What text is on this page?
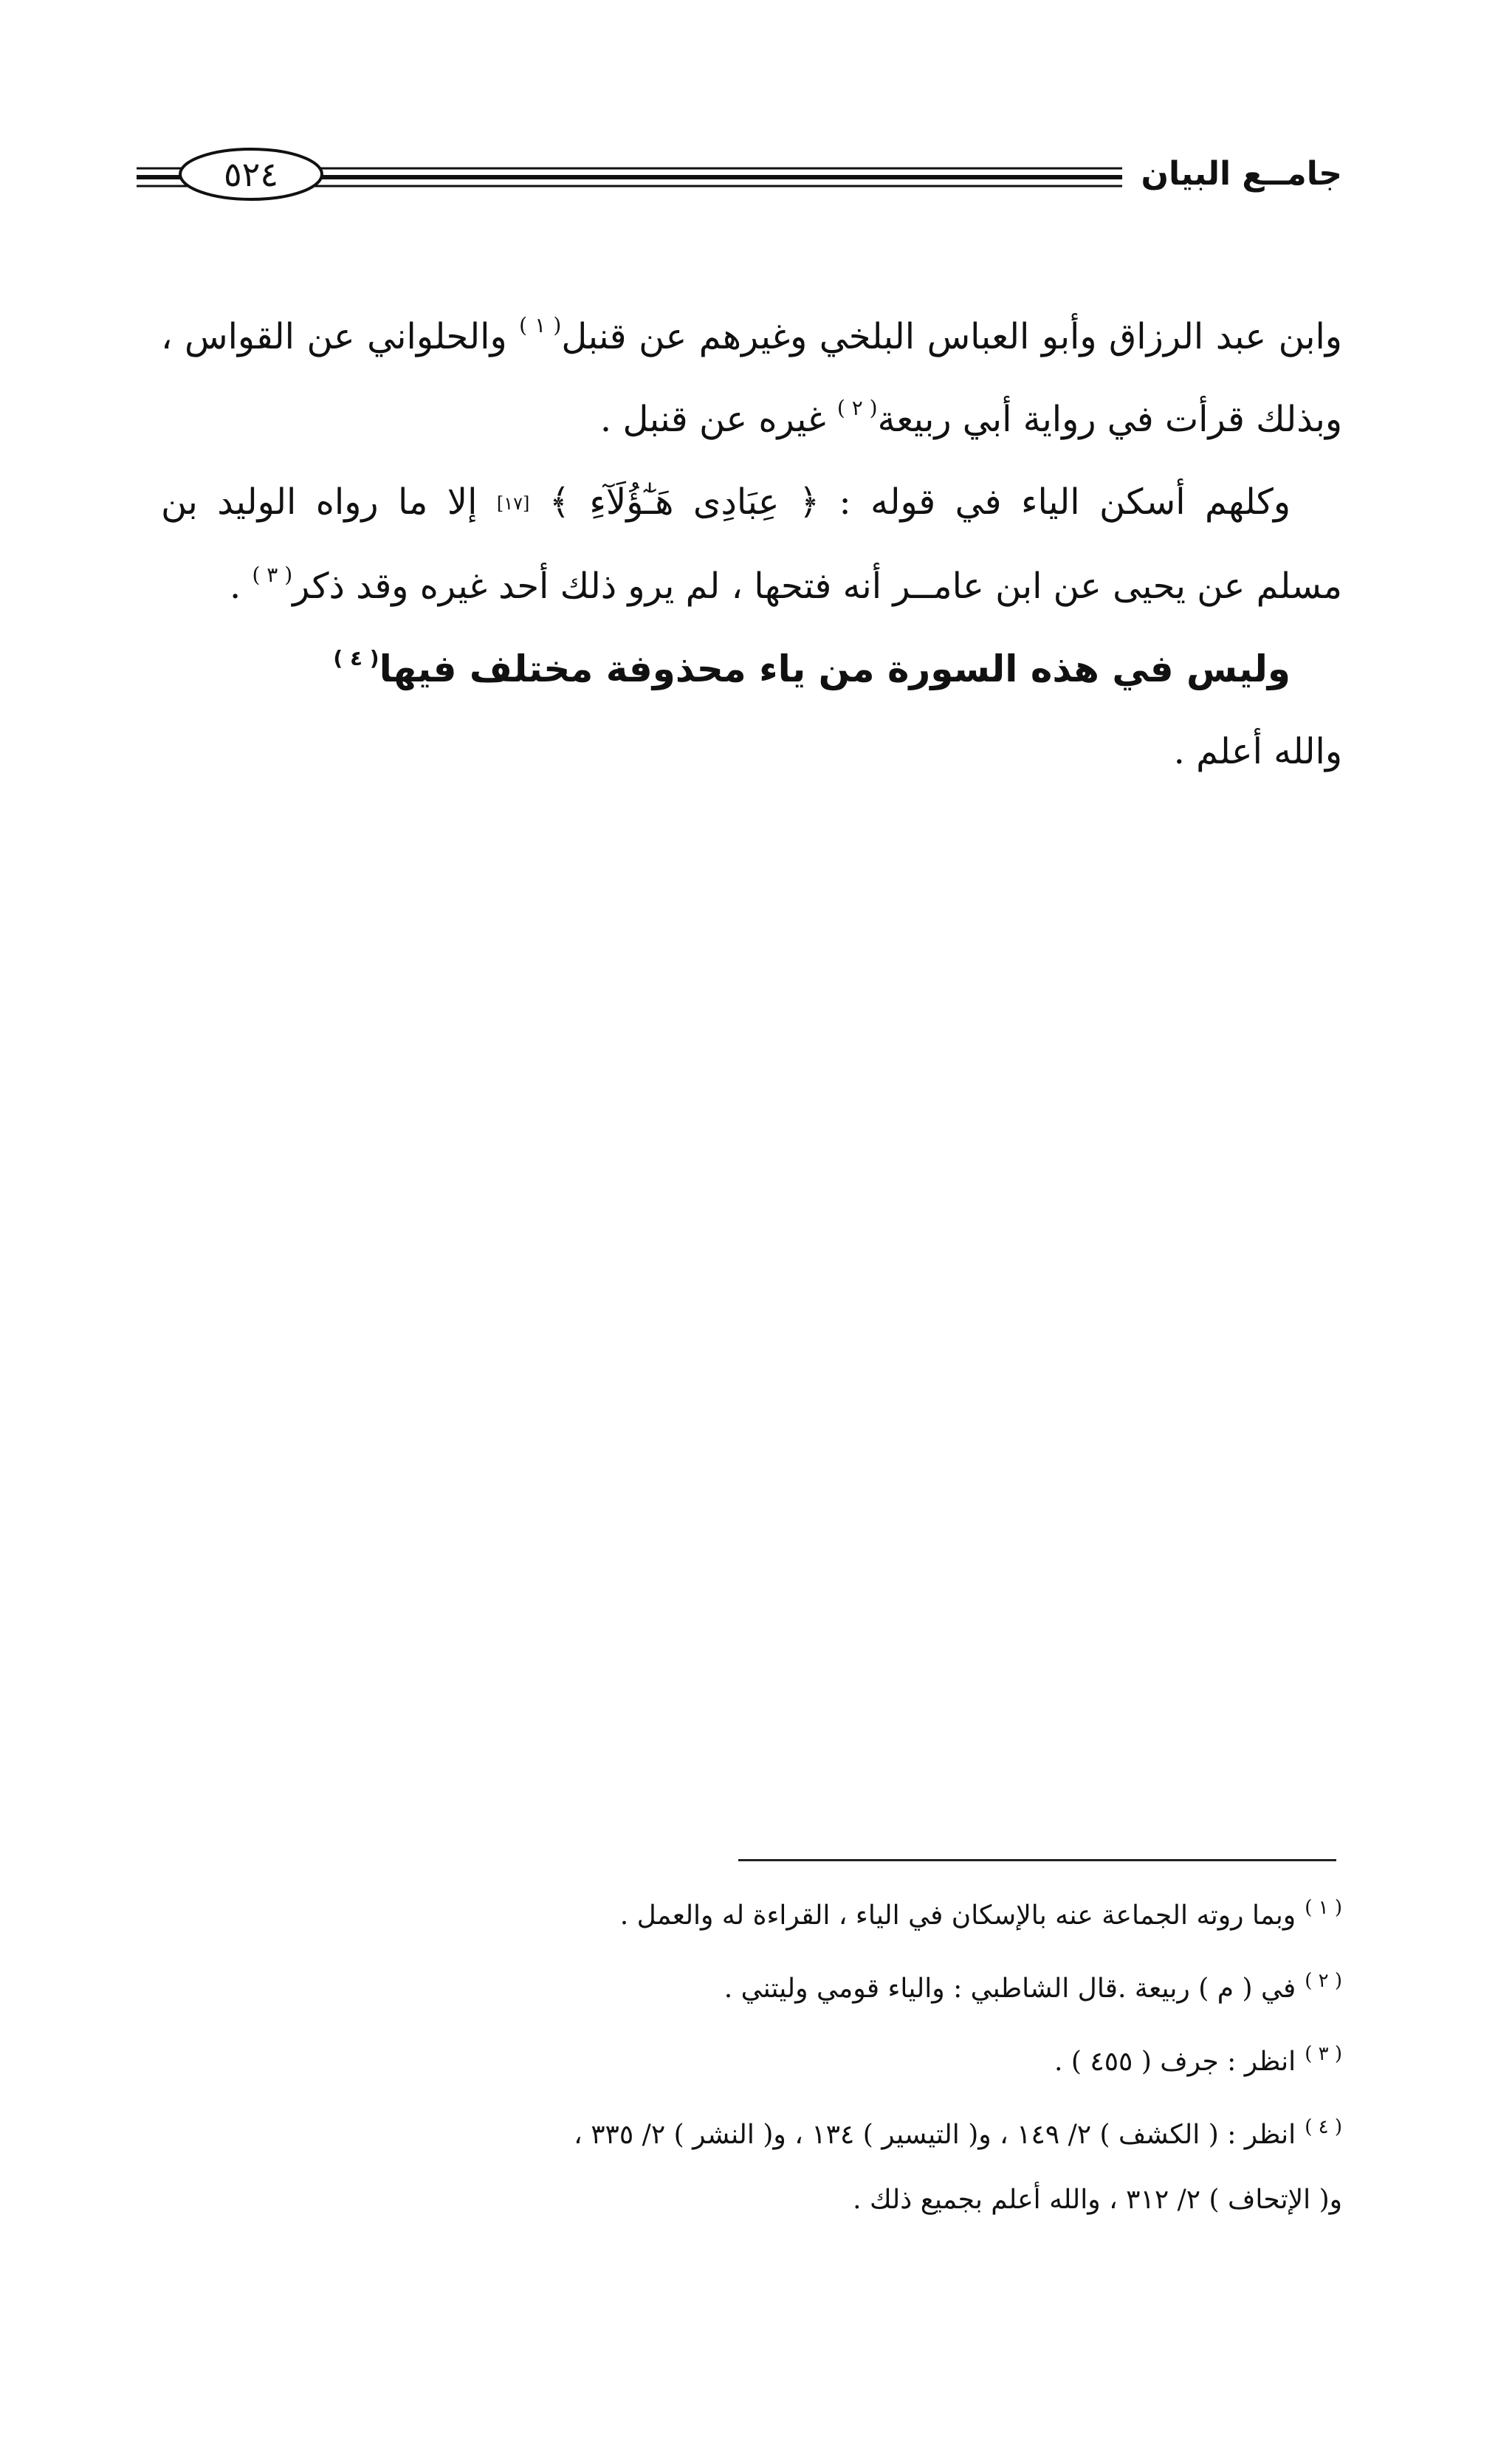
٥٢٤	جامــع البيان
وابن عبد الرزاق وأبو العباس البلخي وغيرهم عن قنبل$^{( ١ )}$ والحلواني عن القواس ،
وبذلك قرأت في رواية أبي ربيعة$^{( ٢ )}$ غيره عن قنبل .
وكلهم أسكن الياء في قوله : ﴿ عِبَادِى هَـٰٓؤُلَآءِ ﴾ [١٧] إلا ما رواه الوليد بن
مسلم عن يحيى عن ابن عامــر أنه فتحها ، لم يرو ذلك أحد غيره وقد ذكر$^{( ٣ )}$ .
وليس في هذه السورة من ياء محذوفة مختلف فيها$^{( ٤ )}$
والله أعلم .
$^{( ١ )}$وبما روته الجماعة عنه بالإسكان في الياء ، القراءة له والعمل .
$^{( ٢ )}$في ( م ) ربيعة .قال الشاطبي : والياء قومي وليتني .
$^{( ٣ )}$انظر : جرف ( ٤٥٥ ) .
$^{( ٤ )}$انظر : ( الكشف ) ٢/ ١٤٩ ، و( التيسير ) ١٣٤ ، و( النشر ) ٢/ ٣٣٥ ،
و( الإتحاف ) ٢/ ٣١٢ ، والله أعلم بجميع ذلك .
